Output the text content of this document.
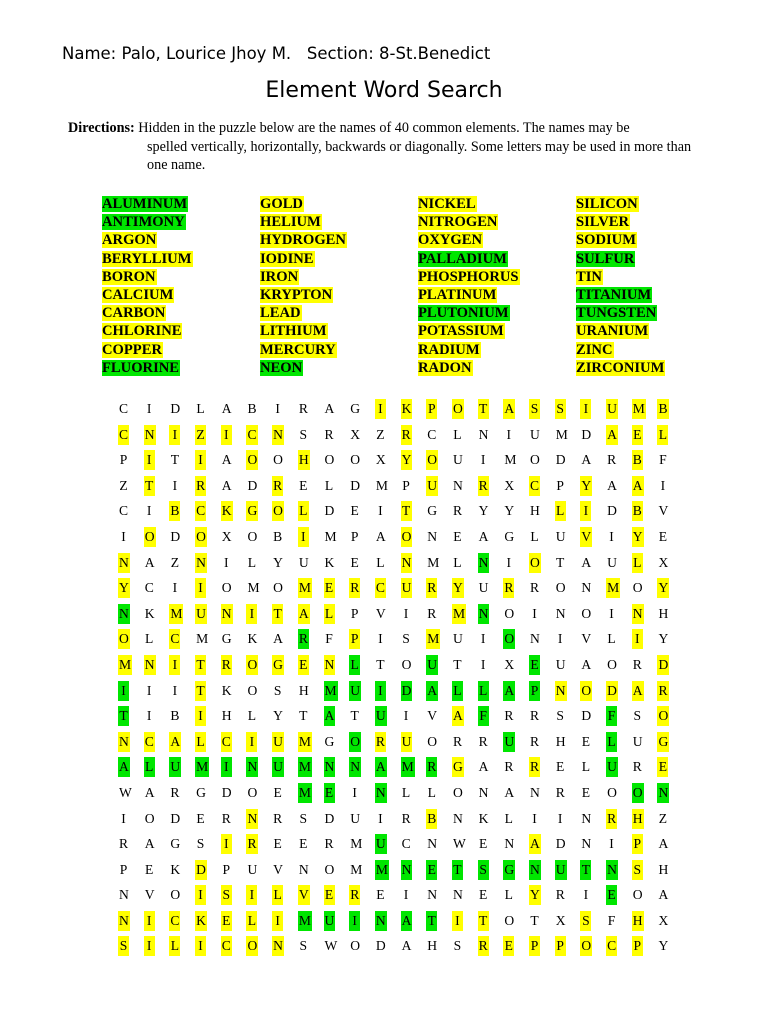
Name: Palo, Lourice Jhoy M.   Section: 8-St.Benedict
Element Word Search
Directions: Hidden in the puzzle below are the names of 40 common elements. The names may be
spelled vertically, horizontally, backwards or diagonally. Some letters may be used in more than one name.
ALUMINUM
ANTIMONY
ARGON
BERYLLIUM
BORON
CALCIUM
CARBON
CHLORINE
COPPER
FLUORINE
GOLD
HELIUM
HYDROGEN
IODINE
IRON
KRYPTON
LEAD
LITHIUM
MERCURY
NEON
NICKEL
NITROGEN
OXYGEN
PALLADIUM
PHOSPHORUS
PLATINUM
PLUTONIUM
POTASSIUM
RADIUM
RADON
SILICON
SILVER
SODIUM
SULFUR
TIN
TITANIUM
TUNGSTEN
URANIUM
ZINC
ZIRCONIUM
C	I	D	L	A	B	I	R	A	G	I	K	P	O	T	A	S	S	I	U	M B
C	N	I	Z	I	C	N	S	R	X	Z	R	C	L	N	I	U	M D	A	E	L
P	I	T	I	A	O	O	H	O	O	X	Y	O	U	I	M O	D	A	R	B	F
Z	T	I	R	A	D	R	E	L	D	M	P	U	N	R	X	C	P	Y	A	A	I
C	I	B	C	K	G	O	L	D	E	I	T	G	R	Y	Y	H	L	I	D	B	V
I	O	D	O	X	O	B	I	M	P	A	O	N	E	A	G	L	U	V	I	Y	E
N	A	Z	N	I	L	Y	U	K	E	L	N	M	L	N	I	O	T	A	U	L	X
Y	C	I	I	O	M O	M	E	R	C	U	R	Y	U	R	R	O	N	M O	Y
N	K	M U	N	I	T	A	L	P	V	I	R	M N	O	I	N	O	I	N	H
O	L	C	M G	K	A	R	F	P	I	S	M U	I	O	N	I	V	L	I	Y
M N	I	T	R	O	G	E	N	L	T	O	U	T	I	X	E	U	A	O	R	D
I	I	I	T	K	O	S	H	M U	I	D	A	L	L	A	P	N	O	D	A	R
T	I	B	I	H	L	Y	T	A	T	U	I	V	A	F	R	R	S	D	F	S	O
N	C	A	L	C	I	U	M G	O	R	U	O	R	R	U	R	H	E	L	U	G
A	L	U	M	I	N	U	M N	N	A	M R	G	A	R	R	E	L	U	R	E
W A	R	G	D	O	E	M	E	I	N	L	L	O	N	A	N	R	E	O	O	N
I	O	D	E	R	N	R	S	D	U	I	R	B	N	K	L	I	I	N	R	H	Z
R	A	G	S	I	R	E	E	R	M U	C	N	W E	N	A	D	N	I	P	A
P	E	K	D	P	U	V	N	O	M M N	E	T	S	G	N	U	T	N	S	H
N	V	O	I	S	I	L	V	E	R	E	I	N	N	E	L	Y	R	I	E	O	A
N	I	C	K	E	L	I	M U	I	N	A	T	I	T	O	T	X	S	F	H	X
S	I	L	I	C	O	N	S	W O	D	A	H	S	R	E	P	P	O	C	P	Y
